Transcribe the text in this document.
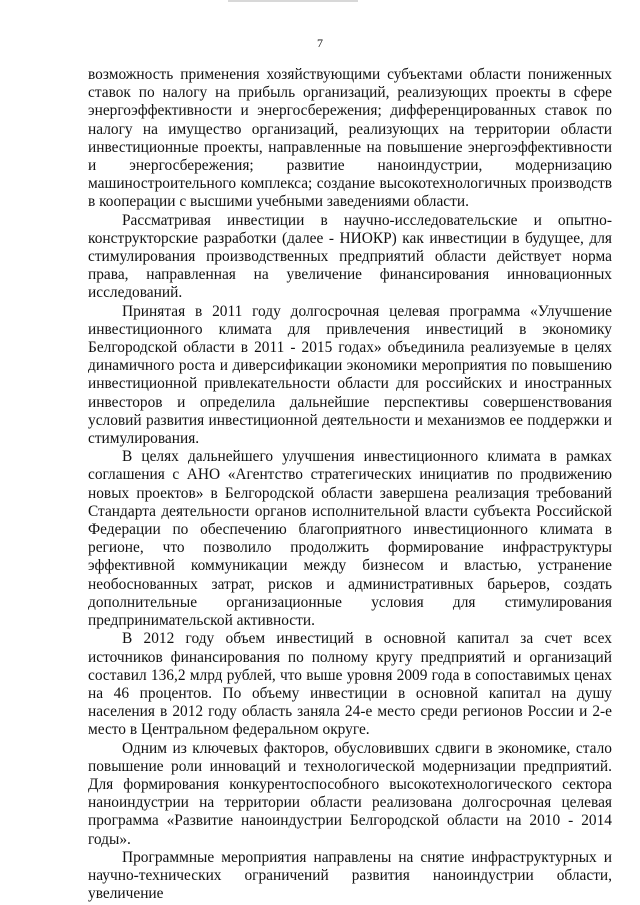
7

возможность применения хозяйствующими субъектами области пониженных ставок по налогу на прибыль организаций, реализующих проекты в сфере энергоэффективности и энергосбережения; дифференцированных ставок по налогу на имущество организаций, реализующих на территории области инвестиционные проекты, направленные на повышение энергоэффективности и энергосбережения; развитие наноиндустрии, модернизацию машиностроительного комплекса; создание высокотехнологичных производств в кооперации с высшими учебными заведениями области.

Рассматривая инвестиции в научно-исследовательские и опытно-конструкторские разработки (далее - НИОКР) как инвестиции в будущее, для стимулирования производственных предприятий области действует норма права, направленная на увеличение финансирования инновационных исследований.

Принятая в 2011 году долгосрочная целевая программа «Улучшение инвестиционного климата для привлечения инвестиций в экономику Белгородской области в 2011 - 2015 годах» объединила реализуемые в целях динамичного роста и диверсификации экономики мероприятия по повышению инвестиционной привлекательности области для российских и иностранных инвесторов и определила дальнейшие перспективы совершенствования условий развития инвестиционной деятельности и механизмов ее поддержки и стимулирования.

В целях дальнейшего улучшения инвестиционного климата в рамках соглашения с АНО «Агентство стратегических инициатив по продвижению новых проектов» в Белгородской области завершена реализация требований Стандарта деятельности органов исполнительной власти субъекта Российской Федерации по обеспечению благоприятного инвестиционного климата в регионе, что позволило продолжить формирование инфраструктуры эффективной коммуникации между бизнесом и властью, устранение необоснованных затрат, рисков и административных барьеров, создать дополнительные организационные условия для стимулирования предпринимательской активности.

В 2012 году объем инвестиций в основной капитал за счет всех источников финансирования по полному кругу предприятий и организаций составил 136,2 млрд рублей, что выше уровня 2009 года в сопоставимых ценах на 46 процентов. По объему инвестиции в основной капитал на душу населения в 2012 году область заняла 24-е место среди регионов России и 2-е место в Центральном федеральном округе.

Одним из ключевых факторов, обусловивших сдвиги в экономике, стало повышение роли инноваций и технологической модернизации предприятий. Для формирования конкурентоспособного высокотехнологического сектора наноиндустрии на территории области реализована долгосрочная целевая программа «Развитие наноиндустрии Белгородской области на 2010 - 2014 годы».

Программные мероприятия направлены на снятие инфраструктурных и научно-технических ограничений развития наноиндустрии области, увеличение
